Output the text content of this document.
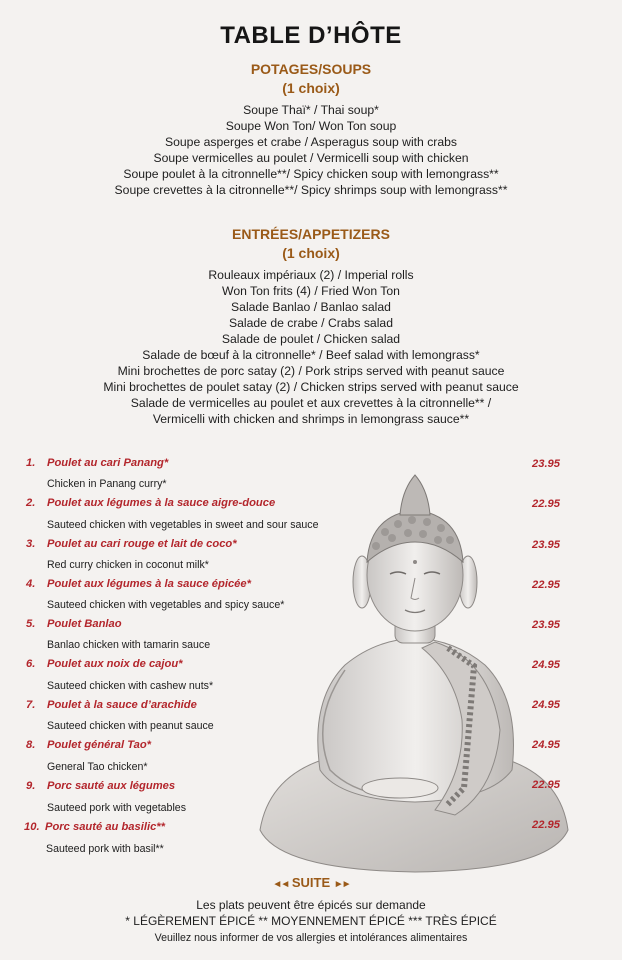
TABLE D’HÔTE
POTAGES/SOUPS
(1 choix)
Soupe Thaï* / Thai soup*
Soupe Won Ton/ Won Ton soup
Soupe asperges et crabe / Asperagus soup with crabs
Soupe vermicelles au poulet / Vermicelli soup with chicken
Soupe poulet à la citronnelle**/ Spicy chicken soup with lemongrass**
Soupe crevettes à la citronnelle**/ Spicy shrimps soup with lemongrass**
ENTRÉES/APPETIZERS
(1 choix)
Rouleaux impériaux (2) / Imperial rolls
Won Ton frits (4) / Fried Won Ton
Salade Banlao / Banlao salad
Salade de crabe / Crabs salad
Salade de poulet / Chicken salad
Salade de bœuf à la citronnelle* / Beef salad with lemongrass*
Mini brochettes de porc satay (2) / Pork strips served with peanut sauce
Mini brochettes de poulet satay (2) / Chicken strips served with peanut sauce
Salade de vermicelles au poulet et aux crevettes à la citronnelle** /
Vermicelli with chicken and shrimps in lemongrass sauce**
1. Poulet au cari Panang*	23.95
Chicken in Panang curry*
2. Poulet aux légumes à la sauce aigre-douce	22.95
Sauteed chicken with vegetables in sweet and sour sauce
3. Poulet au cari rouge et lait de coco*	23.95
Red curry chicken in coconut milk*
4. Poulet aux légumes à la sauce épicée*	22.95
Sauteed chicken with vegetables and spicy sauce*
5. Poulet Banlao	23.95
Banlao chicken with tamarin sauce
6. Poulet aux noix de cajou*	24.95
Sauteed chicken with cashew nuts*
7. Poulet à la sauce d’arachide	24.95
Sauteed chicken with peanut sauce
8. Poulet général Tao*	24.95
General Tao chicken*
9. Porc sauté aux légumes	22.95
Sauteed pork with vegetables
10. Porc sauté au basilic**	22.95
Sauteed pork with basil**
◄◄ SUITE ►►
Les plats peuvent être épicés sur demande
* LÉGÈREMENT ÉPICÉ ** MOYENNEMENT ÉPICÉ *** TRÈS ÉPICÉ
Veuillez nous informer de vos allergies et intolérances alimentaires
